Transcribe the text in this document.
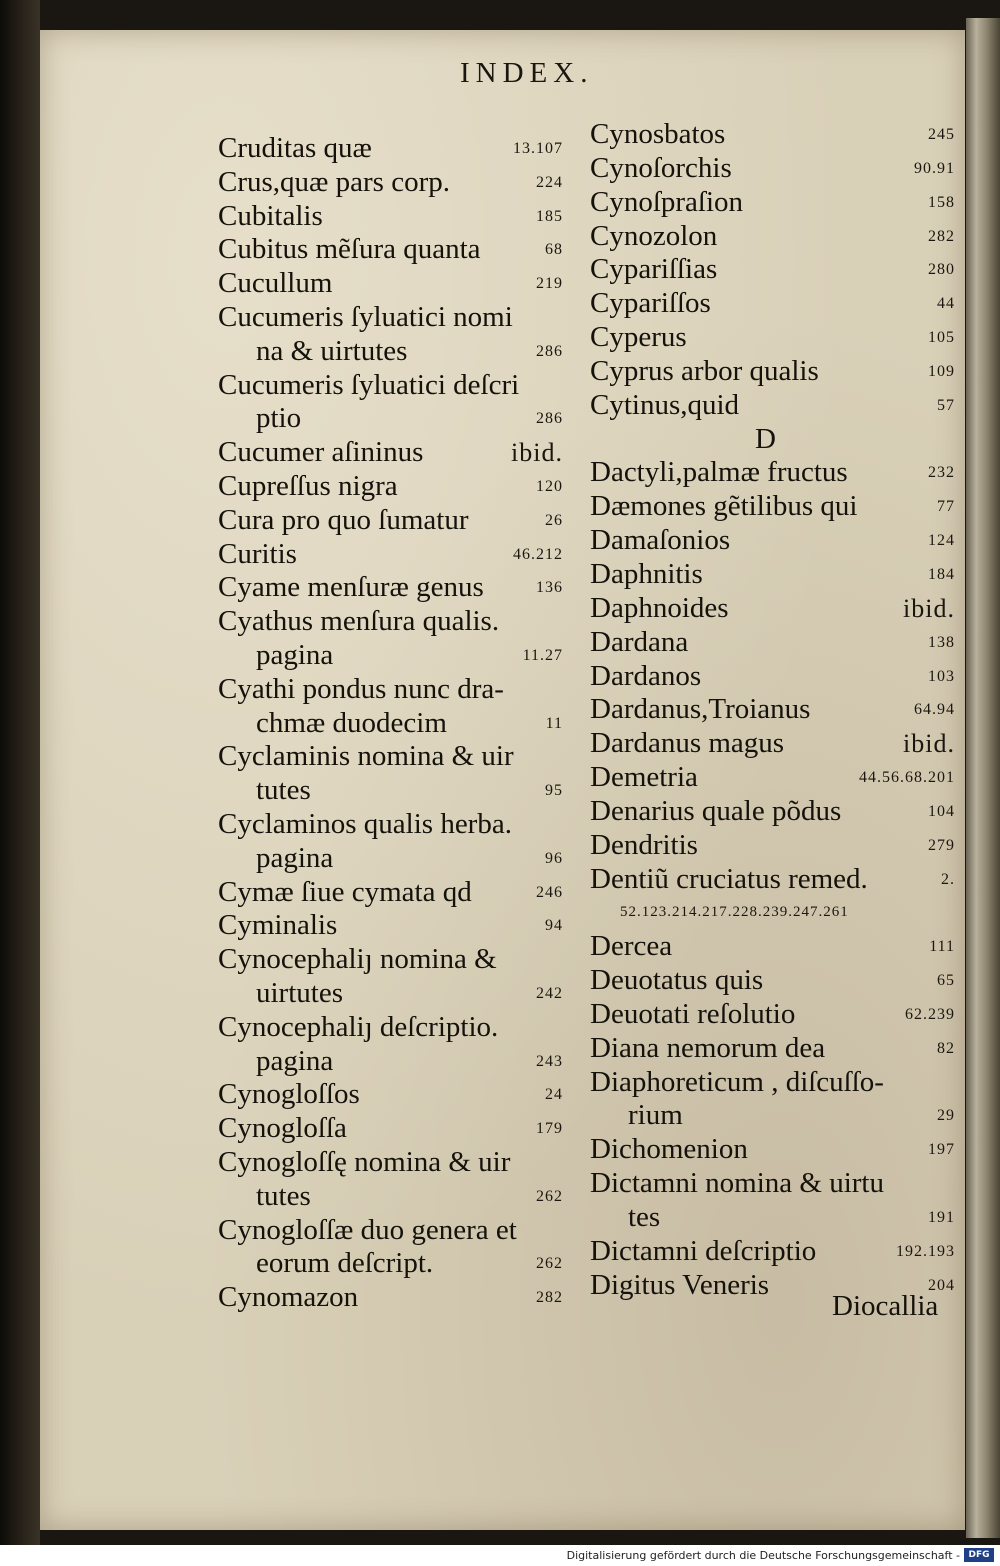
INDEX.
Cruditas quæ	13.107
Crus,quæ pars corp.	224
Cubitalis	185
Cubitus mẽſura quanta	68
Cucullum	219
Cucumeris ſyluatici nomi
na & uirtutes	286
Cucumeris ſyluatici deſcri
ptio	286
Cucumer aſininus	ibid.
Cupreſſus nigra	120
Cura pro quo ſumatur	26
Curitis	46.212
Cyame menſuræ genus	136
Cyathus menſura qualis.
pagina	11.27
Cyathi pondus nunc dra-
chmæ duodecim	11
Cyclaminis nomina & uir
tutes	95
Cyclaminos qualis herba.
pagina	96
Cymæ ſiue cymata qd	246
Cyminalis	94
Cynocephaliȷ nomina &
uirtutes	242
Cynocephaliȷ deſcriptio.
pagina	243
Cynogloſſos	24
Cynogloſſa	179
Cynogloſſę nomina & uir
tutes	262
Cynogloſſæ duo genera et
eorum deſcript.	262
Cynomazon	282
Cynosbatos	245
Cynoſorchis	90.91
Cynoſpraſion	158
Cynozolon	282
Cypariſſias	280
Cypariſſos	44
Cyperus	105
Cyprus arbor qualis	109
Cytinus,quid	57
D
Dactyli,palmæ fructus	232
Dæmones gẽtilibus qui	77
Damaſonios	124
Daphnitis	184
Daphnoides	ibid.
Dardana	138
Dardanos	103
Dardanus,Troianus	64.94
Dardanus magus	ibid.
Demetria	44.56.68.201
Denarius quale põdus	104
Dendritis	279
Dentiũ cruciatus remed.	2.
52.123.214.217.228.239.247.261
Dercea	111
Deuotatus quis	65
Deuotati reſolutio	62.239
Diana nemorum dea	82
Diaphoreticum , diſcuſſo-
rium	29
Dichomenion	197
Dictamni nomina & uirtu
tes	191
Dictamni deſcriptio	192.193
Digitus Veneris	204
Diocallia
Digitalisierung gefördert durch die Deutsche Forschungsgemeinschaft - DFG
